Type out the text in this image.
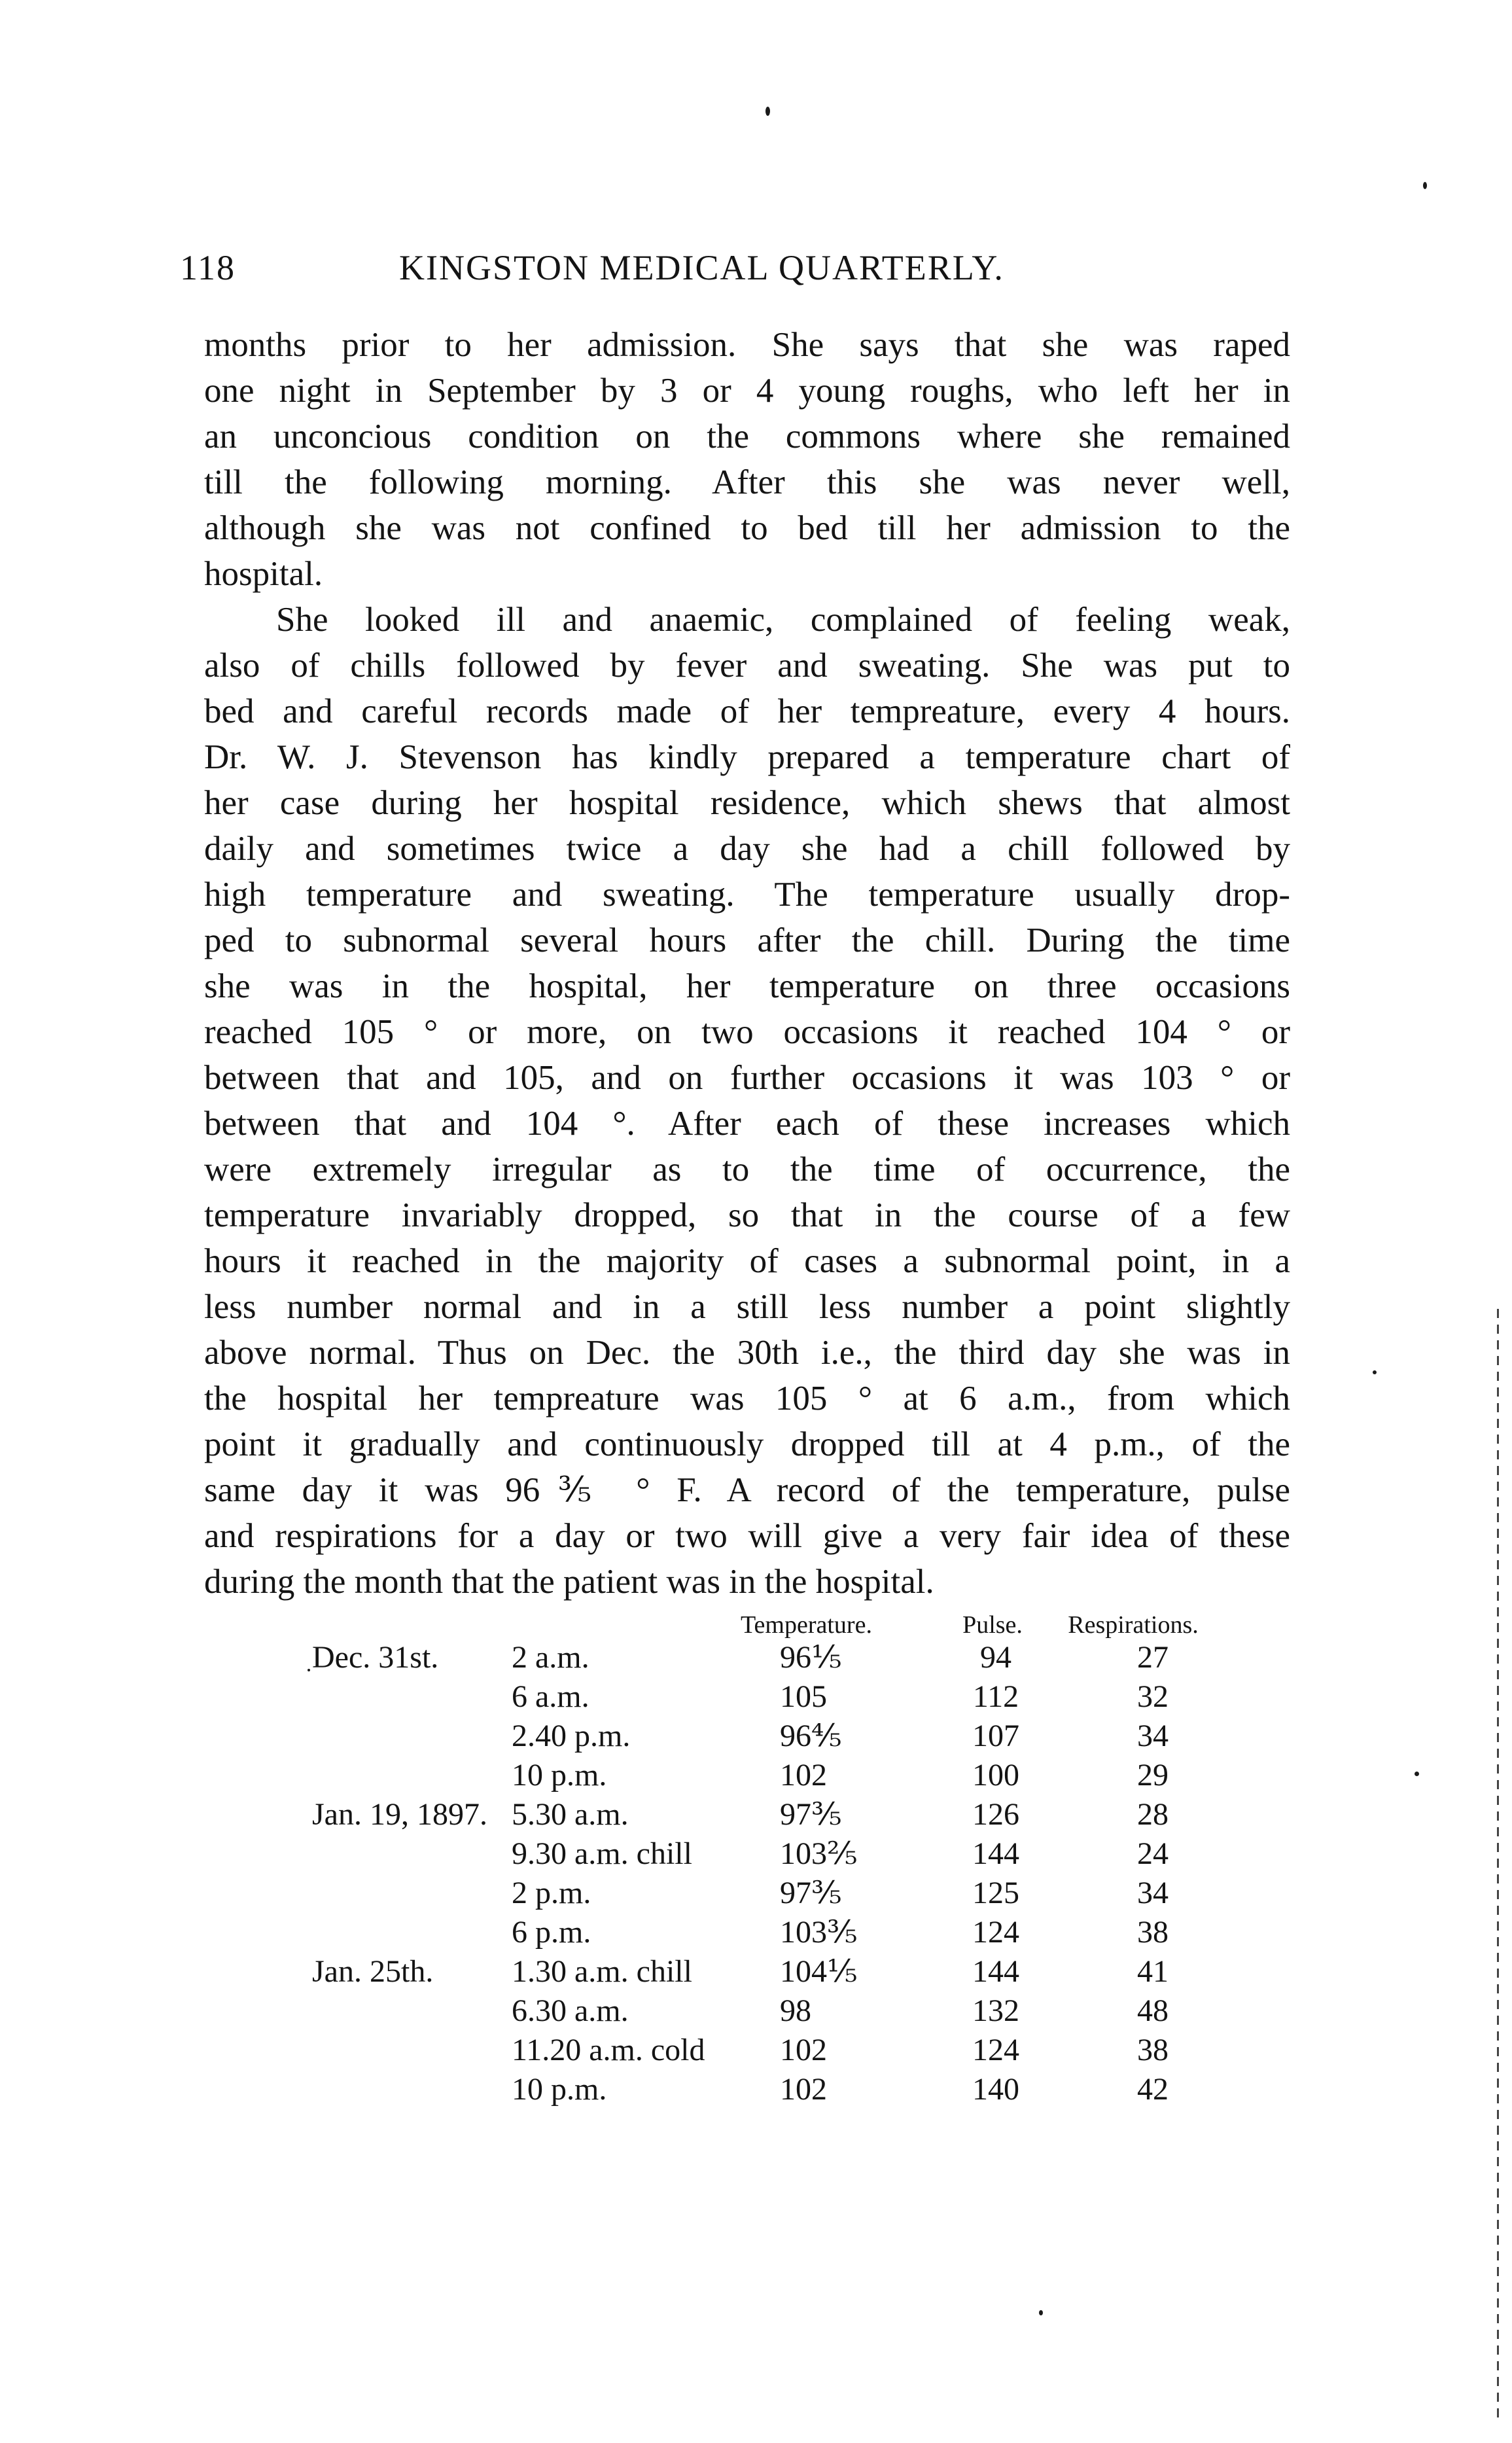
118	KINGSTON MEDICAL QUARTERLY.
months prior to her admission. She says that she was raped
one night in September by 3 or 4 young roughs, who left her in
an unconcious condition on the commons where she remained
till the following morning. After this she was never well,
although she was not confined to bed till her admission to the
hospital.
She looked ill and anaemic, complained of feeling weak,
also of chills followed by fever and sweating. She was put to
bed and careful records made of her tempreature, every 4 hours.
Dr. W. J. Stevenson has kindly prepared a temperature chart of
her case during her hospital residence, which shews that almost
daily and sometimes twice a day she had a chill followed by
high temperature and sweating. The temperature usually drop-
ped to subnormal several hours after the chill. During the time
she was in the hospital, her temperature on three occasions
reached 105 ° or more, on two occasions it reached 104 ° or
between that and 105, and on further occasions it was 103 ° or
between that and 104 °. After each of these increases which
were extremely irregular as to the time of occurrence, the
temperature invariably dropped, so that in the course of a few
hours it reached in the majority of cases a subnormal point, in a
less number normal and in a still less number a point slightly
above normal. Thus on Dec. the 30th i.e., the third day she was in
the hospital her tempreature was 105 ° at 6 a.m., from which
point it gradually and continuously dropped till at 4 p.m., of the
same day it was 96⅗ ° F. A record of the temperature, pulse
and respirations for a day or two will give a very fair idea of these
during the month that the patient was in the hospital.
Temperature.	Pulse.	Respirations.
Dec. 31st. 2 a.m.	96⅕	94	27
6 a.m.	105	112	32
2.40 p.m.	96⅘	107	34
10 p.m.	102	100	29
Jan. 19, 1897. 5.30 a.m.	97⅗	126	28
9.30 a.m. chill	103⅖	144	24
2 p.m.	97⅗	125	34
6 p.m.	103⅗	124	38
Jan. 25th. 1.30 a.m. chill	104⅕	144	41
6.30 a.m.	98	132	48
11.20 a.m. cold	102	124	38
10 p.m.	102	140	42
